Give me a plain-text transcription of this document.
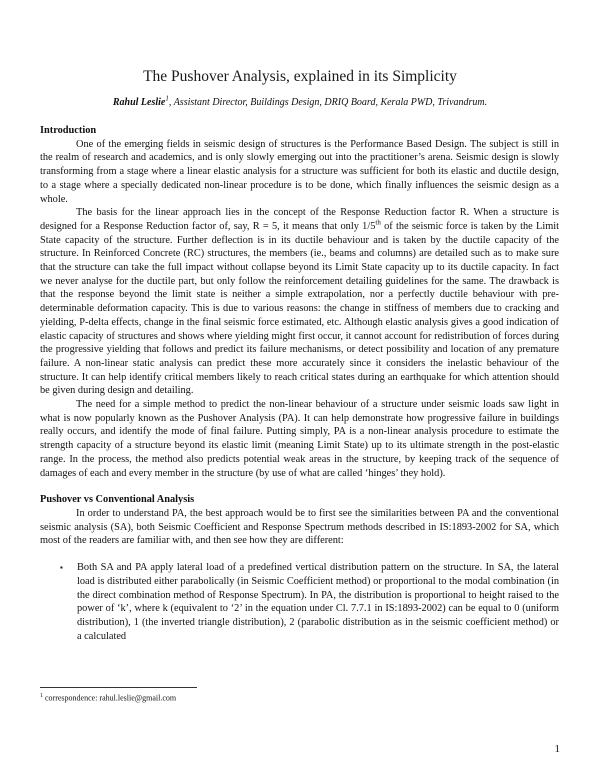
The Pushover Analysis, explained in its Simplicity
Rahul Leslie$^1$, Assistant Director, Buildings Design, DRIQ Board, Kerala PWD, Trivandrum.
Introduction

One of the emerging fields in seismic design of structures is the Performance Based Design. The subject is still in the realm of research and academics, and is only slowly emerging out into the practitioner’s arena. Seismic design is slowly transforming from a stage where a linear elastic analysis for a structure was sufficient for both its elastic and ductile design, to a stage where a specially dedicated non-linear procedure is to be done, which finally influences the seismic design as a whole.

The basis for the linear approach lies in the concept of the Response Reduction factor R. When a structure is designed for a Response Reduction factor of, say, R = 5, it means that only 1/5th of the seismic force is taken by the Limit State capacity of the structure. Further deflection is in its ductile behaviour and is taken by the ductile capacity of the structure. In Reinforced Concrete (RC) structures, the members (ie., beams and columns) are detailed such as to make sure that the structure can take the full impact without collapse beyond its Limit State capacity up to its ductile capacity. In fact we never analyse for the ductile part, but only follow the reinforcement detailing guidelines for the same. The drawback is that the response beyond the limit state is neither a simple extrapolation, nor a perfectly ductile behaviour with pre-determinable deformation capacity. This is due to various reasons: the change in stiffness of members due to cracking and yielding, P-delta effects, change in the final seismic force estimated, etc. Although elastic analysis gives a good indication of elastic capacity of structures and shows where yielding might first occur, it cannot account for redistribution of forces during the progressive yielding that follows and predict its failure mechanisms, or detect possibility and location of any premature failure. A non-linear static analysis can predict these more accurately since it considers the inelastic behaviour of the structure. It can help identify critical members likely to reach critical states during an earthquake for which attention should be given during design and detailing.

The need for a simple method to predict the non-linear behaviour of a structure under seismic loads saw light in what is now popularly known as the Pushover Analysis (PA). It can help demonstrate how progressive failure in buildings really occurs, and identify the mode of final failure. Putting simply, PA is a non-linear analysis procedure to estimate the strength capacity of a structure beyond its elastic limit (meaning Limit State) up to its ultimate strength in the post-elastic range. In the process, the method also predicts potential weak areas in the structure, by keeping track of the sequence of damages of each and every member in the structure (by use of what are called ‘hinges’ they hold).

Pushover vs Conventional Analysis

In order to understand PA, the best approach would be to first see the similarities between PA and the conventional seismic analysis (SA), both Seismic Coefficient and Response Spectrum methods described in IS:1893-2002 for SA, which most of the readers are familiar with, and then see how they are different:

▪ Both SA and PA apply lateral load of a predefined vertical distribution pattern on the structure. In SA, the lateral load is distributed either parabolically (in Seismic Coefficient method) or proportional to the modal combination (in the direct combination method of Response Spectrum). In PA, the distribution is proportional to height raised to the power of ‘k’, where k (equivalent to ‘2’ in the equation under Cl. 7.7.1 in IS:1893-2002) can be equal to 0 (uniform distribution), 1 (the inverted triangle distribution), 2 (parabolic distribution as in the seismic coefficient method) or a calculated
$^1$ correspondence: rahul.leslie@gmail.com
1
